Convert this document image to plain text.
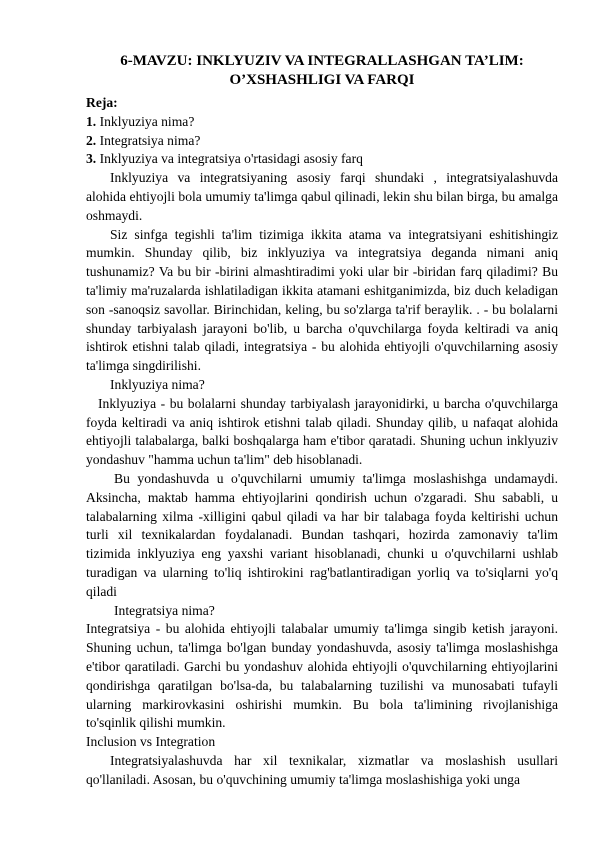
6-MAVZU: INKLYUZIV VA INTEGRALLASHGAN TA’LIM:
O’XSHASHLIGI VA FARQI

Reja:

1. Inklyuziya nima?

2. Integratsiya nima?

3. Inklyuziya va integratsiya o'rtasidagi asosiy farq

Inklyuziya va integratsiyaning asosiy farqi shundaki , integratsiyalashuvda alohida ehtiyojli bola umumiy ta'limga qabul qilinadi, lekin shu bilan birga, bu amalga oshmaydi.

Siz sinfga tegishli ta'lim tizimiga ikkita atama va integratsiyani eshitishingiz mumkin. Shunday qilib, biz inklyuziya va integratsiya deganda nimani aniq tushunamiz? Va bu bir -birini almashtiradimi yoki ular bir -biridan farq qiladimi? Bu ta'limiy ma'ruzalarda ishlatiladigan ikkita atamani eshitganimizda, biz duch keladigan son -sanoqsiz savollar. Birinchidan, keling, bu so'zlarga ta'rif beraylik. . - bu bolalarni shunday tarbiyalash jarayoni bo'lib, u barcha o'quvchilarga foyda keltiradi va aniq ishtirok etishni talab qiladi, integratsiya - bu alohida ehtiyojli o'quvchilarning asosiy ta'limga singdirilishi.

Inklyuziya nima?

Inklyuziya - bu bolalarni shunday tarbiyalash jarayonidirki, u barcha o'quvchilarga foyda keltiradi va aniq ishtirok etishni talab qiladi. Shunday qilib, u nafaqat alohida ehtiyojli talabalarga, balki boshqalarga ham e'tibor qaratadi. Shuning uchun inklyuziv yondashuv "hamma uchun ta'lim" deb hisoblanadi.

Bu yondashuvda u o'quvchilarni umumiy ta'limga moslashishga undamaydi. Aksincha, maktab hamma ehtiyojlarini qondirish uchun o'zgaradi. Shu sababli, u talabalarning xilma -xilligini qabul qiladi va har bir talabaga foyda keltirishi uchun turli xil texnikalardan foydalanadi. Bundan tashqari, hozirda zamonaviy ta'lim tizimida inklyuziya eng yaxshi variant hisoblanadi, chunki u o'quvchilarni ushlab turadigan va ularning to'liq ishtirokini rag'batlantiradigan yorliq va to'siqlarni yo'q qiladi

Integratsiya nima?

Integratsiya - bu alohida ehtiyojli talabalar umumiy ta'limga singib ketish jarayoni. Shuning uchun, ta'limga bo'lgan bunday yondashuvda, asosiy ta'limga moslashishga e'tibor qaratiladi. Garchi bu yondashuv alohida ehtiyojli o'quvchilarning ehtiyojlarini qondirishga qaratilgan bo'lsa-da, bu talabalarning tuzilishi va munosabati tufayli ularning markirovkasini oshirishi mumkin. Bu bola ta'limining rivojlanishiga to'sqinlik qilishi mumkin.

Inclusion vs Integration

Integratsiyalashuvda har xil texnikalar, xizmatlar va moslashish usullari qo'llaniladi. Asosan, bu o'quvchining umumiy ta'limga moslashishiga yoki unga
